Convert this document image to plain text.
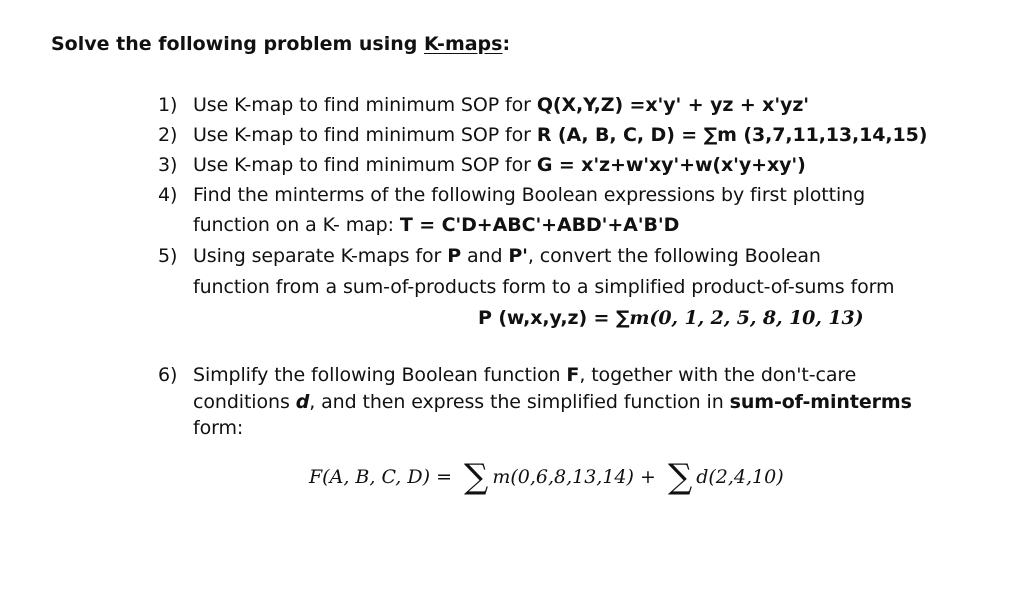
Solve the following problem using K-maps:
1) Use K-map to find minimum SOP for Q(X,Y,Z) =x'y' + yz + x'yz'
2) Use K-map to find minimum SOP for R (A, B, C, D) = ∑m (3,7,11,13,14,15)
3) Use K-map to find minimum SOP for G = x'z+w'xy'+w(x'y+xy')
4) Find the minterms of the following Boolean expressions by first plotting
function on a K- map: T = C'D+ABC'+ABD'+A'B'D
5) Using separate K-maps for P and P', convert the following Boolean
function from a sum-of-products form to a simplified product-of-sums form
P (w,x,y,z) = ∑m(0, 1, 2, 5, 8, 10, 13)
6) Simplify the following Boolean function F, together with the don't-care
conditions d, and then express the simplified function in sum-of-minterms
form:
F(A, B, C, D) = ∑ m(0,6,8,13,14) + ∑ d(2,4,10)
